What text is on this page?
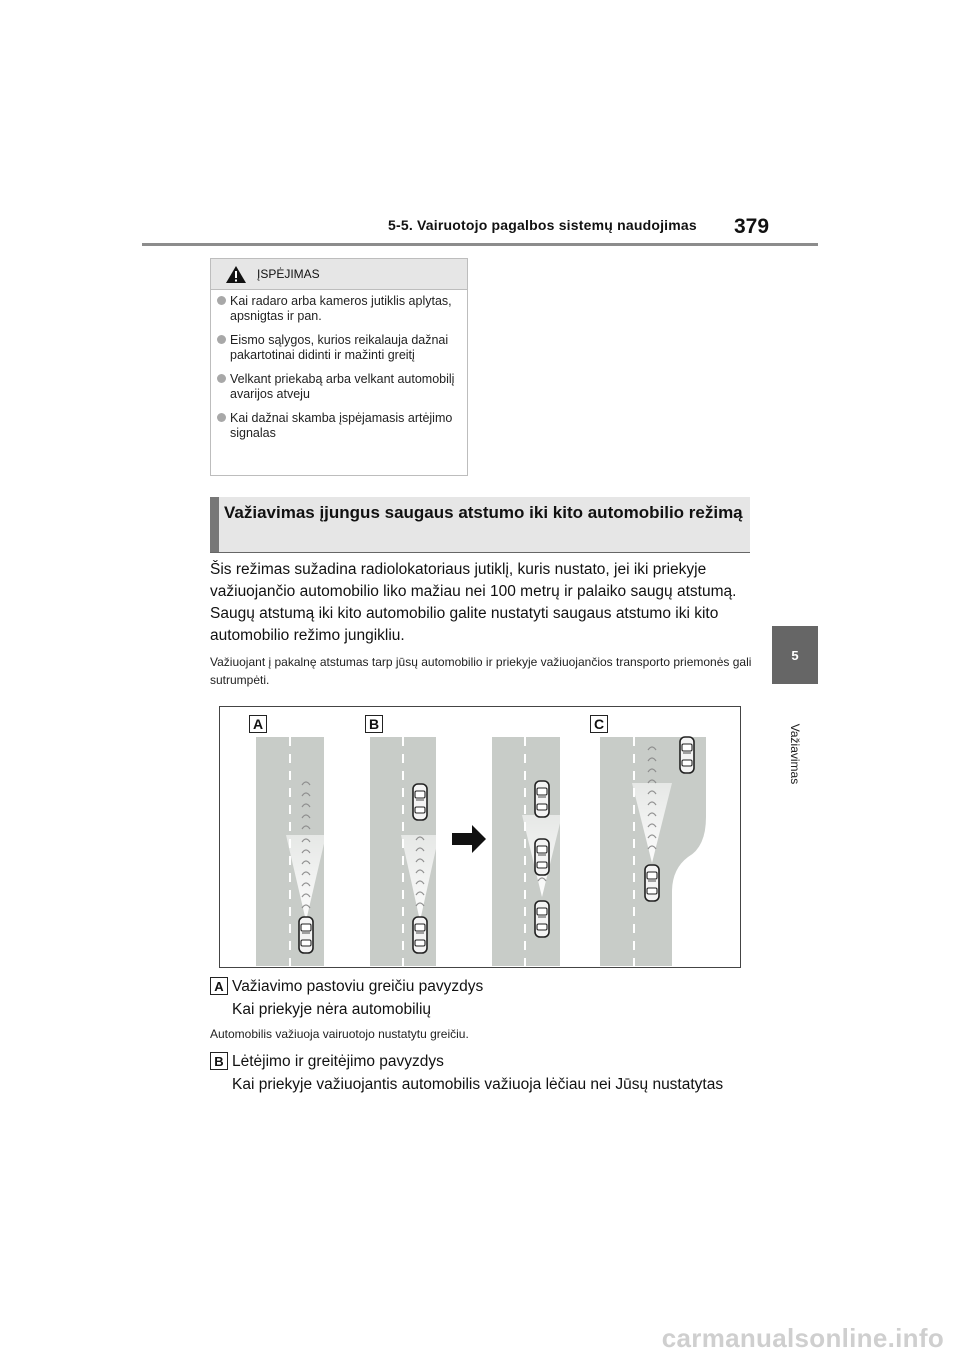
5-5. Vairuotojo pagalbos sistemų naudojimas 379
5
Važiavimas
ĮSPĖJIMAS
Kai radaro arba kameros jutiklis aplytas, apsnigtas ir pan.
Eismo sąlygos, kurios reikalauja dažnai pakartotinai didinti ir mažinti greitį
Velkant priekabą arba velkant automobilį avarijos atveju
Kai dažnai skamba įspėjamasis artėjimo signalas
Važiavimas įjungus saugaus atstumo iki kito automobilio režimą
Šis režimas sužadina radiolokatoriaus jutiklį, kuris nustato, jei iki priekyje važiuojančio automobilio liko mažiau nei 100 metrų ir palaiko saugų atstumą. Saugų atstumą iki kito automobilio galite nustatyti saugaus atstumo iki kito automobilio režimo jungikliu.
Važiuojant į pakalnę atstumas tarp jūsų automobilio ir priekyje važiuojančios transporto priemonės gali sutrumpėti.
A	B	C
A Važiavimo pastoviu greičiu pavyzdys
Kai priekyje nėra automobilių
Automobilis važiuoja vairuotojo nustatytu greičiu.
B Lėtėjimo ir greitėjimo pavyzdys
Kai priekyje važiuojantis automobilis važiuoja lėčiau nei Jūsų nustatytas
carmanualsonline.info
